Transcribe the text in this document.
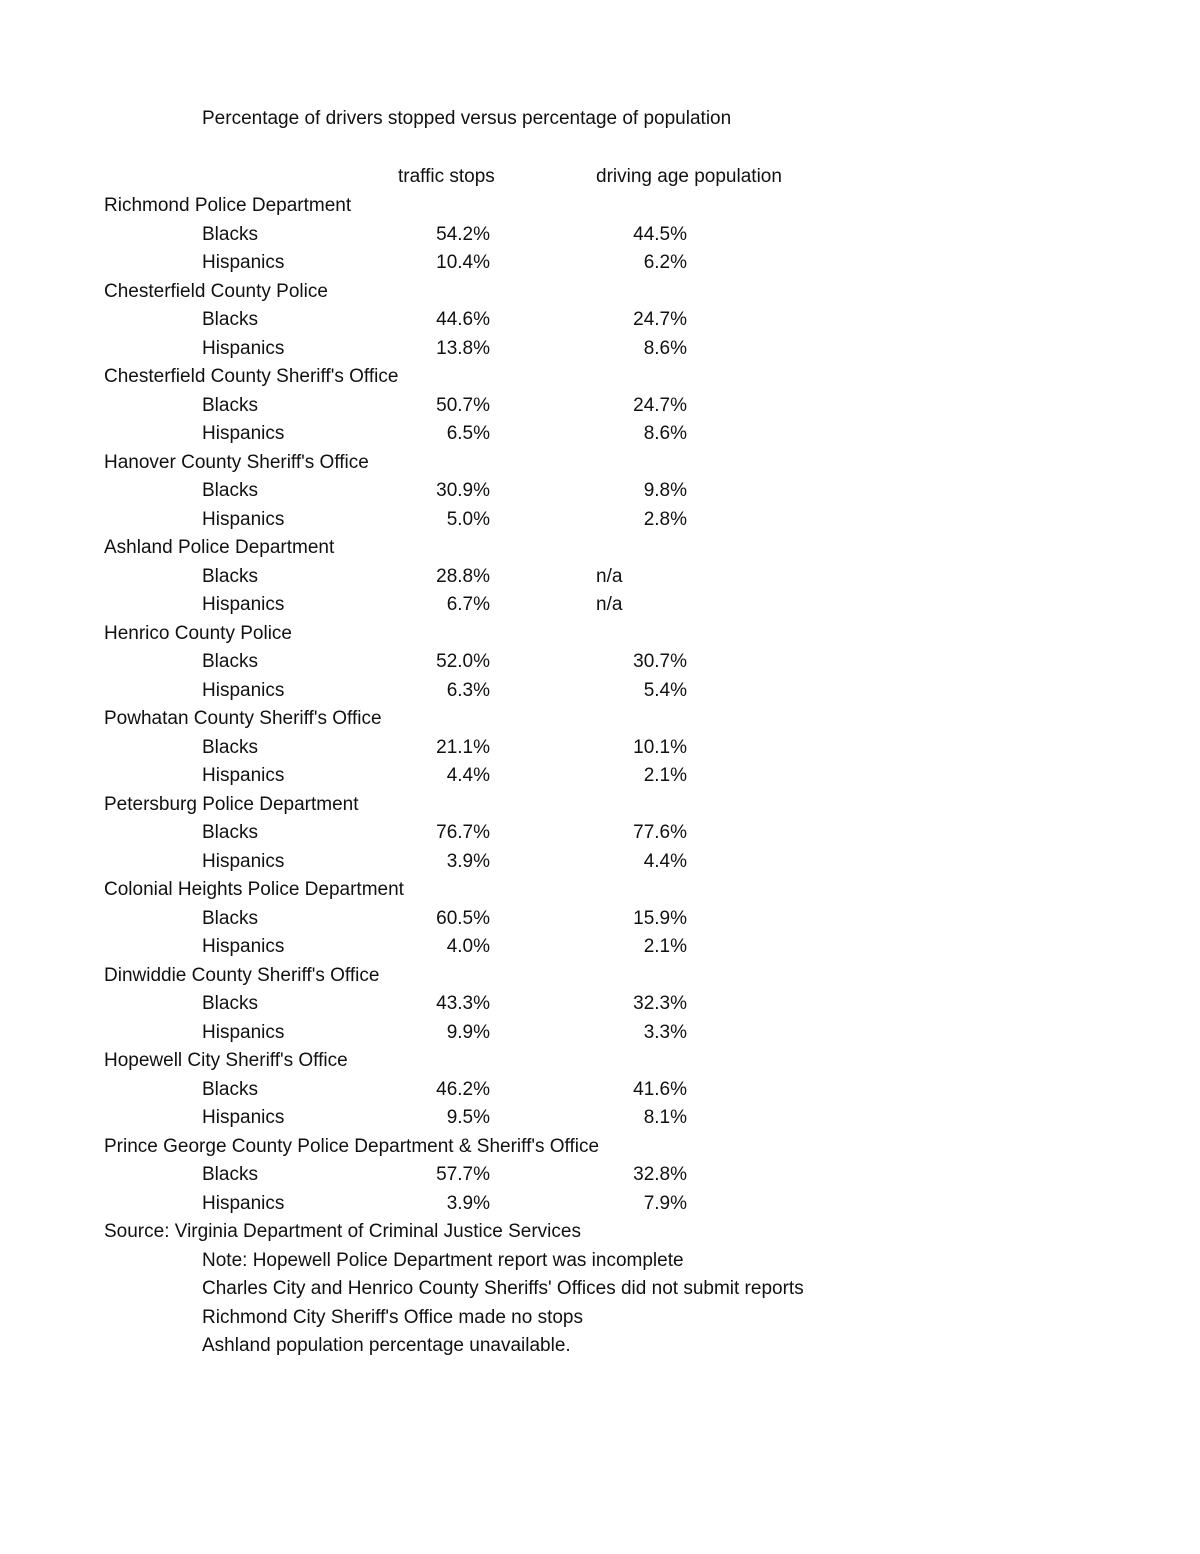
Percentage of drivers stopped versus percentage of population
traffic stops	driving age population
Richmond Police Department
Blacks	54.2%	44.5%
Hispanics	10.4%	6.2%
Chesterfield County Police
Blacks	44.6%	24.7%
Hispanics	13.8%	8.6%
Chesterfield County Sheriff's Office
Blacks	50.7%	24.7%
Hispanics	6.5%	8.6%
Hanover County Sheriff's Office
Blacks	30.9%	9.8%
Hispanics	5.0%	2.8%
Ashland Police Department
Blacks	28.8%	n/a
Hispanics	6.7%	n/a
Henrico County Police
Blacks	52.0%	30.7%
Hispanics	6.3%	5.4%
Powhatan County Sheriff's Office
Blacks	21.1%	10.1%
Hispanics	4.4%	2.1%
Petersburg Police Department
Blacks	76.7%	77.6%
Hispanics	3.9%	4.4%
Colonial Heights Police Department
Blacks	60.5%	15.9%
Hispanics	4.0%	2.1%
Dinwiddie County Sheriff's Office
Blacks	43.3%	32.3%
Hispanics	9.9%	3.3%
Hopewell City Sheriff's Office
Blacks	46.2%	41.6%
Hispanics	9.5%	8.1%
Prince George County Police Department & Sheriff's Office
Blacks	57.7%	32.8%
Hispanics	3.9%	7.9%
Source: Virginia Department of Criminal Justice Services
Note: Hopewell Police Department report was incomplete
Charles City and Henrico County Sheriffs' Offices did not submit reports
Richmond City Sheriff's Office made no stops
Ashland population percentage unavailable.
